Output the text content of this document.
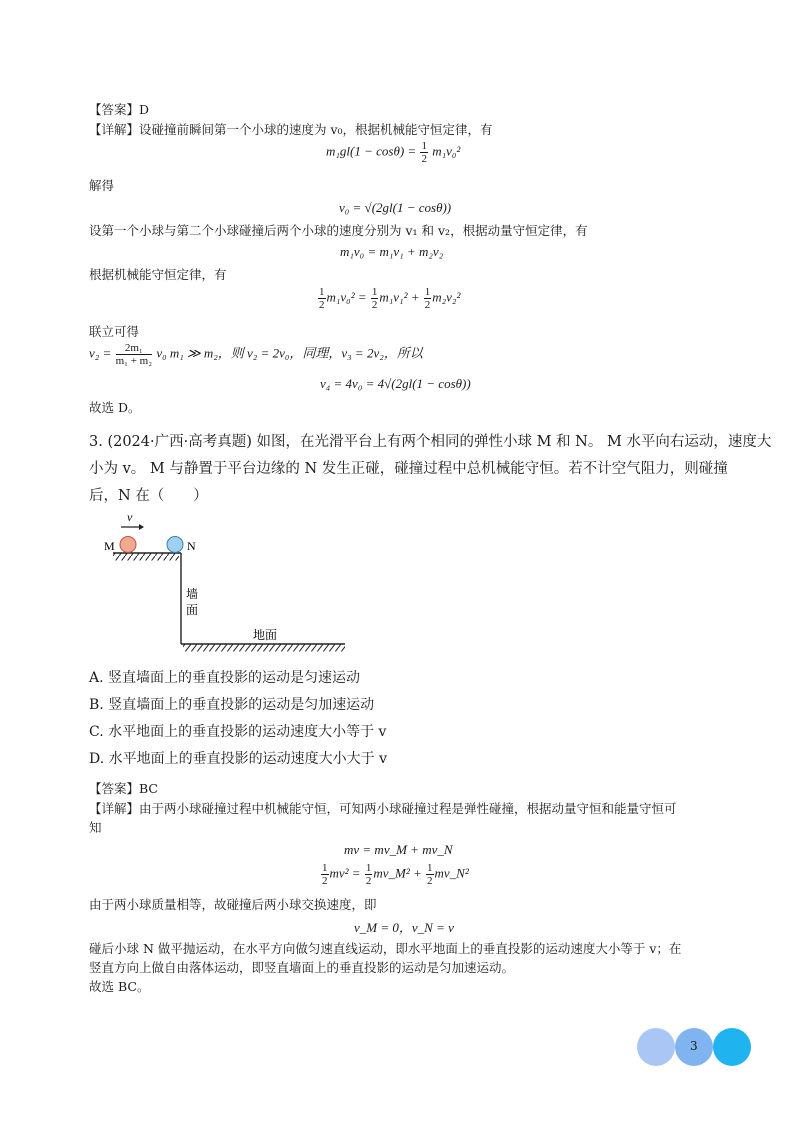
【答案】D
【详解】设碰撞前瞬间第一个小球的速度为 v₀，根据机械能守恒定律，有
$m_1gl(1 - \cos\theta) = \frac{1}{2} m_1v_0^2$
解得
v₀ = √(2gl(1 − cosθ))
设第一个小球与第二个小球碰撞后两个小球的速度分别为 v₁ 和 v₂，根据动量守恒定律，有
m₁v₀ = m₁v₁ + m₂v₂
根据机械能守恒定律，有
$\frac{1}{2} m_1v_0^2 = \frac{1}{2} m_1v_1^2 + \frac{1}{2} m_2v_2^2$
联立可得
$v_2 = \frac{\text{2m₁}}{\text{m₁ + m₂}} v_0$ m₁ ≫ m₂，则 v₂ = 2v₀，同理，v₃ = 2v₂，所以
v₄ = 4v₀ = 4√(2gl(1 − cosθ))
故选 D。
3. (2024·广西·高考真题) 如图，在光滑平台上有两个相同的弹性小球 M 和 N。 M 水平向右运动，速度大
小为 v。 M 与静置于平台边缘的 N 发生正碰，碰撞过程中总机械能守恒。若不计空气阻力，则碰撞
后，N 在（　　）
v
M	N
墙
面
地面
A. 竖直墙面上的垂直投影的运动是匀速运动
B. 竖直墙面上的垂直投影的运动是匀加速运动
C. 水平地面上的垂直投影的运动速度大小等于 v
D. 水平地面上的垂直投影的运动速度大小大于 v
【答案】BC
【详解】由于两小球碰撞过程中机械能守恒，可知两小球碰撞过程是弹性碰撞，根据动量守恒和能量守恒可
知
mv = mv_M + mv_N
$\frac{1}{2} mv^2 = \frac{1}{2}$ mv_M² + $\frac{1}{2}$ mv_N²
由于两小球质量相等，故碰撞后两小球交换速度，即
v_M = 0，v_N = v
碰后小球 N 做平抛运动，在水平方向做匀速直线运动，即水平地面上的垂直投影的运动速度大小等于 v；在
竖直方向上做自由落体运动，即竖直墙面上的垂直投影的运动是匀加速运动。
故选 BC。
3
